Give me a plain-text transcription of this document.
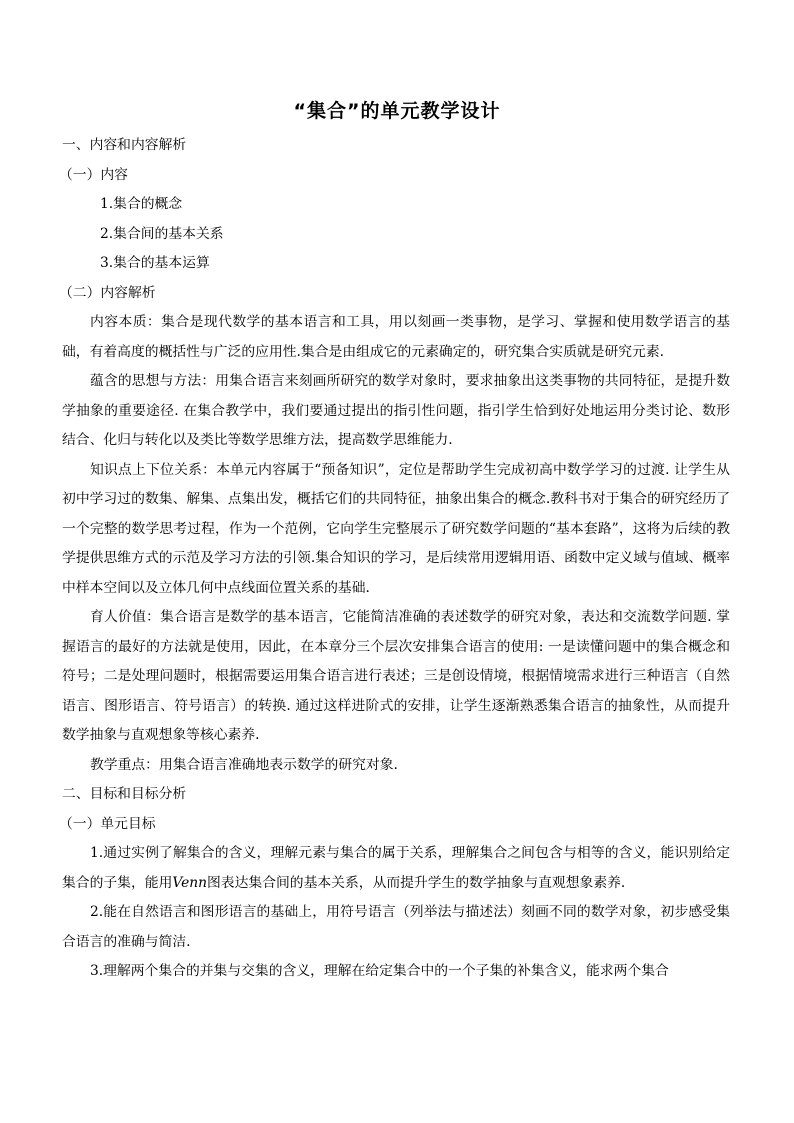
“集合”的单元教学设计

一、内容和内容解析

（一）内容

1.集合的概念

2.集合间的基本关系

3.集合的基本运算

（二）内容解析

内容本质：集合是现代数学的基本语言和工具，用以刻画一类事物，是学习、掌握和使用数学语言的基础，有着高度的概括性与广泛的应用性.集合是由组成它的元素确定的，研究集合实质就是研究元素.

蕴含的思想与方法：用集合语言来刻画所研究的数学对象时，要求抽象出这类事物的共同特征，是提升数学抽象的重要途径. 在集合教学中，我们要通过提出的指引性问题，指引学生恰到好处地运用分类讨论、数形结合、化归与转化以及类比等数学思维方法，提高数学思维能力.

知识点上下位关系：本单元内容属于“预备知识”，定位是帮助学生完成初高中数学学习的过渡. 让学生从初中学习过的数集、解集、点集出发，概括它们的共同特征，抽象出集合的概念.教科书对于集合的研究经历了一个完整的数学思考过程，作为一个范例，它向学生完整展示了研究数学问题的“基本套路”，这将为后续的教学提供思维方式的示范及学习方法的引领.集合知识的学习，是后续常用逻辑用语、函数中定义域与值域、概率中样本空间以及立体几何中点线面位置关系的基础.

育人价值：集合语言是数学的基本语言，它能简洁准确的表述数学的研究对象，表达和交流数学问题. 掌握语言的最好的方法就是使用，因此，在本章分三个层次安排集合语言的使用: 一是读懂问题中的集合概念和符号；二是处理问题时，根据需要运用集合语言进行表述；三是创设情境，根据情境需求进行三种语言（自然语言、图形语言、符号语言）的转换. 通过这样进阶式的安排，让学生逐渐熟悉集合语言的抽象性，从而提升数学抽象与直观想象等核心素养.

教学重点：用集合语言准确地表示数学的研究对象.

二、目标和目标分析

（一）单元目标

1.通过实例了解集合的含义，理解元素与集合的属于关系，理解集合之间包含与相等的含义，能识别给定集合的子集，能用Venn图表达集合间的基本关系，从而提升学生的数学抽象与直观想象素养.

2.能在自然语言和图形语言的基础上，用符号语言（列举法与描述法）刻画不同的数学对象，初步感受集合语言的准确与简洁.

3.理解两个集合的并集与交集的含义，理解在给定集合中的一个子集的补集含义，能求两个集合
